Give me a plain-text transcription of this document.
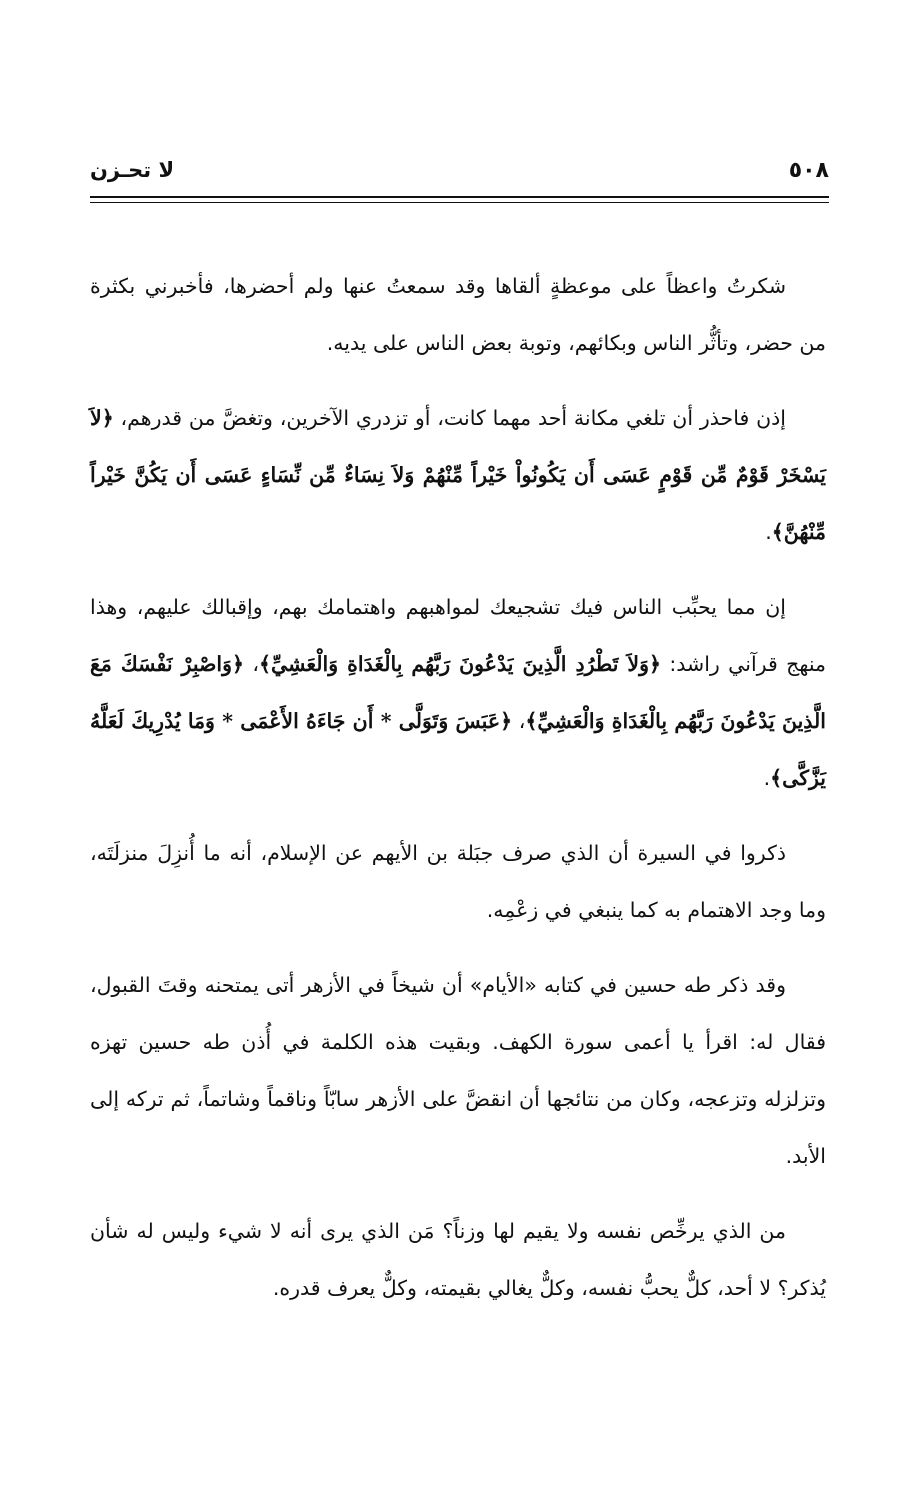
٥٠٨
لا تحـزن

شكرتُ واعظاً على موعظةٍ ألقاها وقد سمعتُ عنها ولم أحضرها، فأخبرني بكثرة من حضر، وتأثُّر الناس وبكائهم، وتوبة بعض الناس على يديه.

إذن فاحذر أن تلغي مكانة أحد مهما كانت، أو تزدري الآخرين، وتغضَّ من قدرهم، ﴿لاَ يَسْخَرْ قَوْمٌ مِّن قَوْمٍ عَسَى أَن يَكُونُواْ خَيْراً مِّنْهُمْ وَلاَ نِسَاءٌ مِّن نِّسَاءٍ عَسَى أَن يَكُنَّ خَيْراً مِّنْهُنَّ﴾.

إن مما يحبِّب الناس فيك تشجيعك لمواهبهم واهتمامك بهم، وإقبالك عليهم، وهذا منهج قرآني راشد: ﴿وَلاَ تَطْرُدِ الَّذِينَ يَدْعُونَ رَبَّهُم بِالْغَدَاةِ وَالْعَشِيِّ﴾، ﴿وَاصْبِرْ نَفْسَكَ مَعَ الَّذِينَ يَدْعُونَ رَبَّهُم بِالْغَدَاةِ وَالْعَشِيِّ﴾، ﴿عَبَسَ وَتَوَلَّى * أَن جَاءَهُ الأَعْمَى * وَمَا يُدْرِيكَ لَعَلَّهُ يَزَّكَّى﴾.

ذكروا في السيرة أن الذي صرف جبَلة بن الأيهم عن الإسلام، أنه ما أُنزِلَ منزلَتَه، وما وجد الاهتمام به كما ينبغي في زعْمِه.

وقد ذكر طه حسين في كتابه «الأيام» أن شيخاً في الأزهر أتى يمتحنه وقتَ القبول، فقال له: اقرأ يا أعمى سورة الكهف. وبقيت هذه الكلمة في أُذن طه حسين تهزه وتزلزله وتزعجه، وكان من نتائجها أن انقضَّ على الأزهر سابّاً وناقماً وشاتماً، ثم تركه إلى الأبد.

من الذي يرخِّص نفسه ولا يقيم لها وزناً؟ مَن الذي يرى أنه لا شيء وليس له شأن يُذكر؟ لا أحد، كلٌّ يحبُّ نفسه، وكلٌّ يغالي بقيمته، وكلٌّ يعرف قدره.
